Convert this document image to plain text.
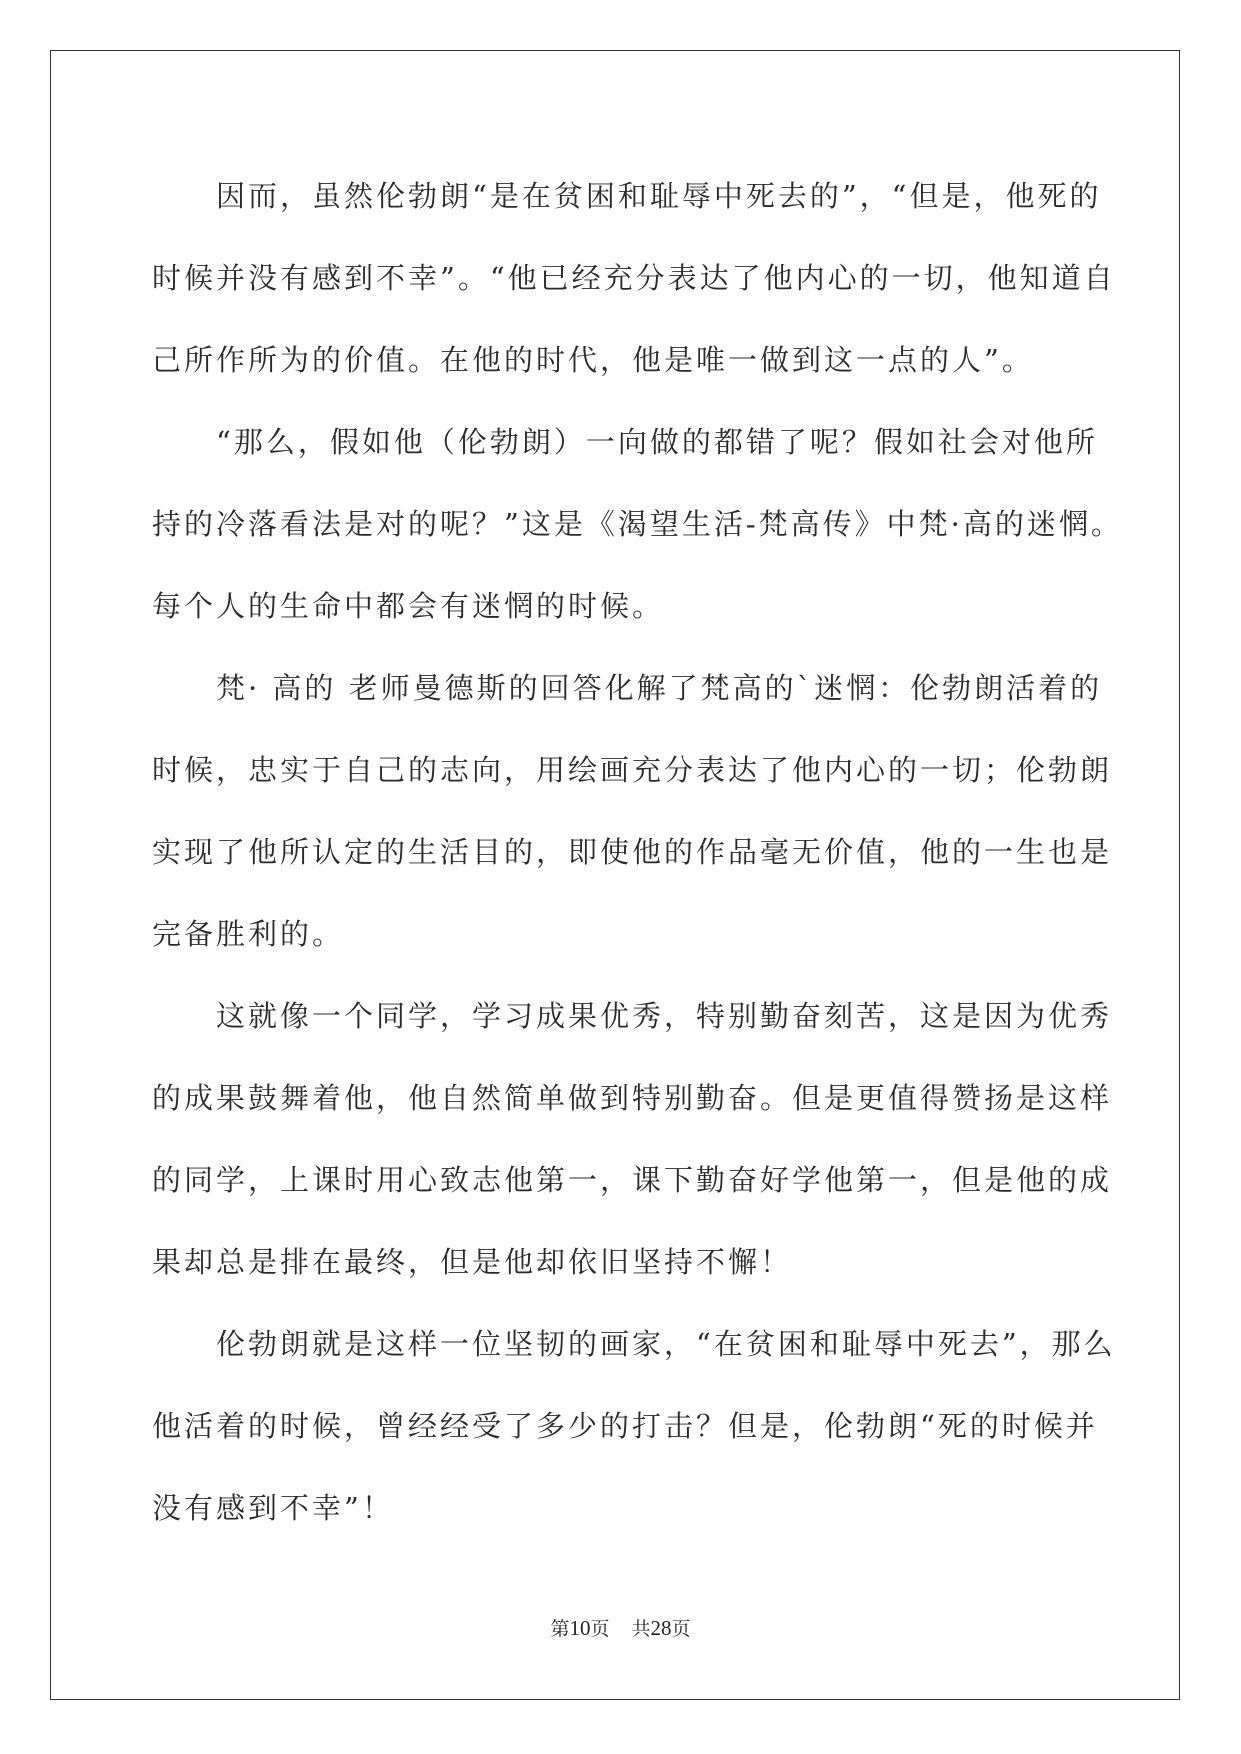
　　因而，虽然伦勃朗“是在贫困和耻辱中死去的”，“但是，他死的
时候并没有感到不幸”。“他已经充分表达了他内心的一切，他知道自
己所作所为的价值。在他的时代，他是唯一做到这一点的人”。
　　“那么，假如他（伦勃朗）一向做的都错了呢？假如社会对他所
持的冷落看法是对的呢？”这是《渴望生活-梵高传》中梵·高的迷惘。
每个人的生命中都会有迷惘的时候。
　　梵· 高的 老师曼德斯的回答化解了梵高的`迷惘：伦勃朗活着的
时候，忠实于自己的志向，用绘画充分表达了他内心的一切；伦勃朗
实现了他所认定的生活目的，即使他的作品毫无价值，他的一生也是
完备胜利的。
　　这就像一个同学，学习成果优秀，特别勤奋刻苦，这是因为优秀
的成果鼓舞着他，他自然简单做到特别勤奋。但是更值得赞扬是这样
的同学，上课时用心致志他第一，课下勤奋好学他第一，但是他的成
果却总是排在最终，但是他却依旧坚持不懈！
　　伦勃朗就是这样一位坚韧的画家，“在贫困和耻辱中死去”，那么
他活着的时候，曾经经受了多少的打击？但是，伦勃朗“死的时候并
没有感到不幸”！
第10页 共28页
